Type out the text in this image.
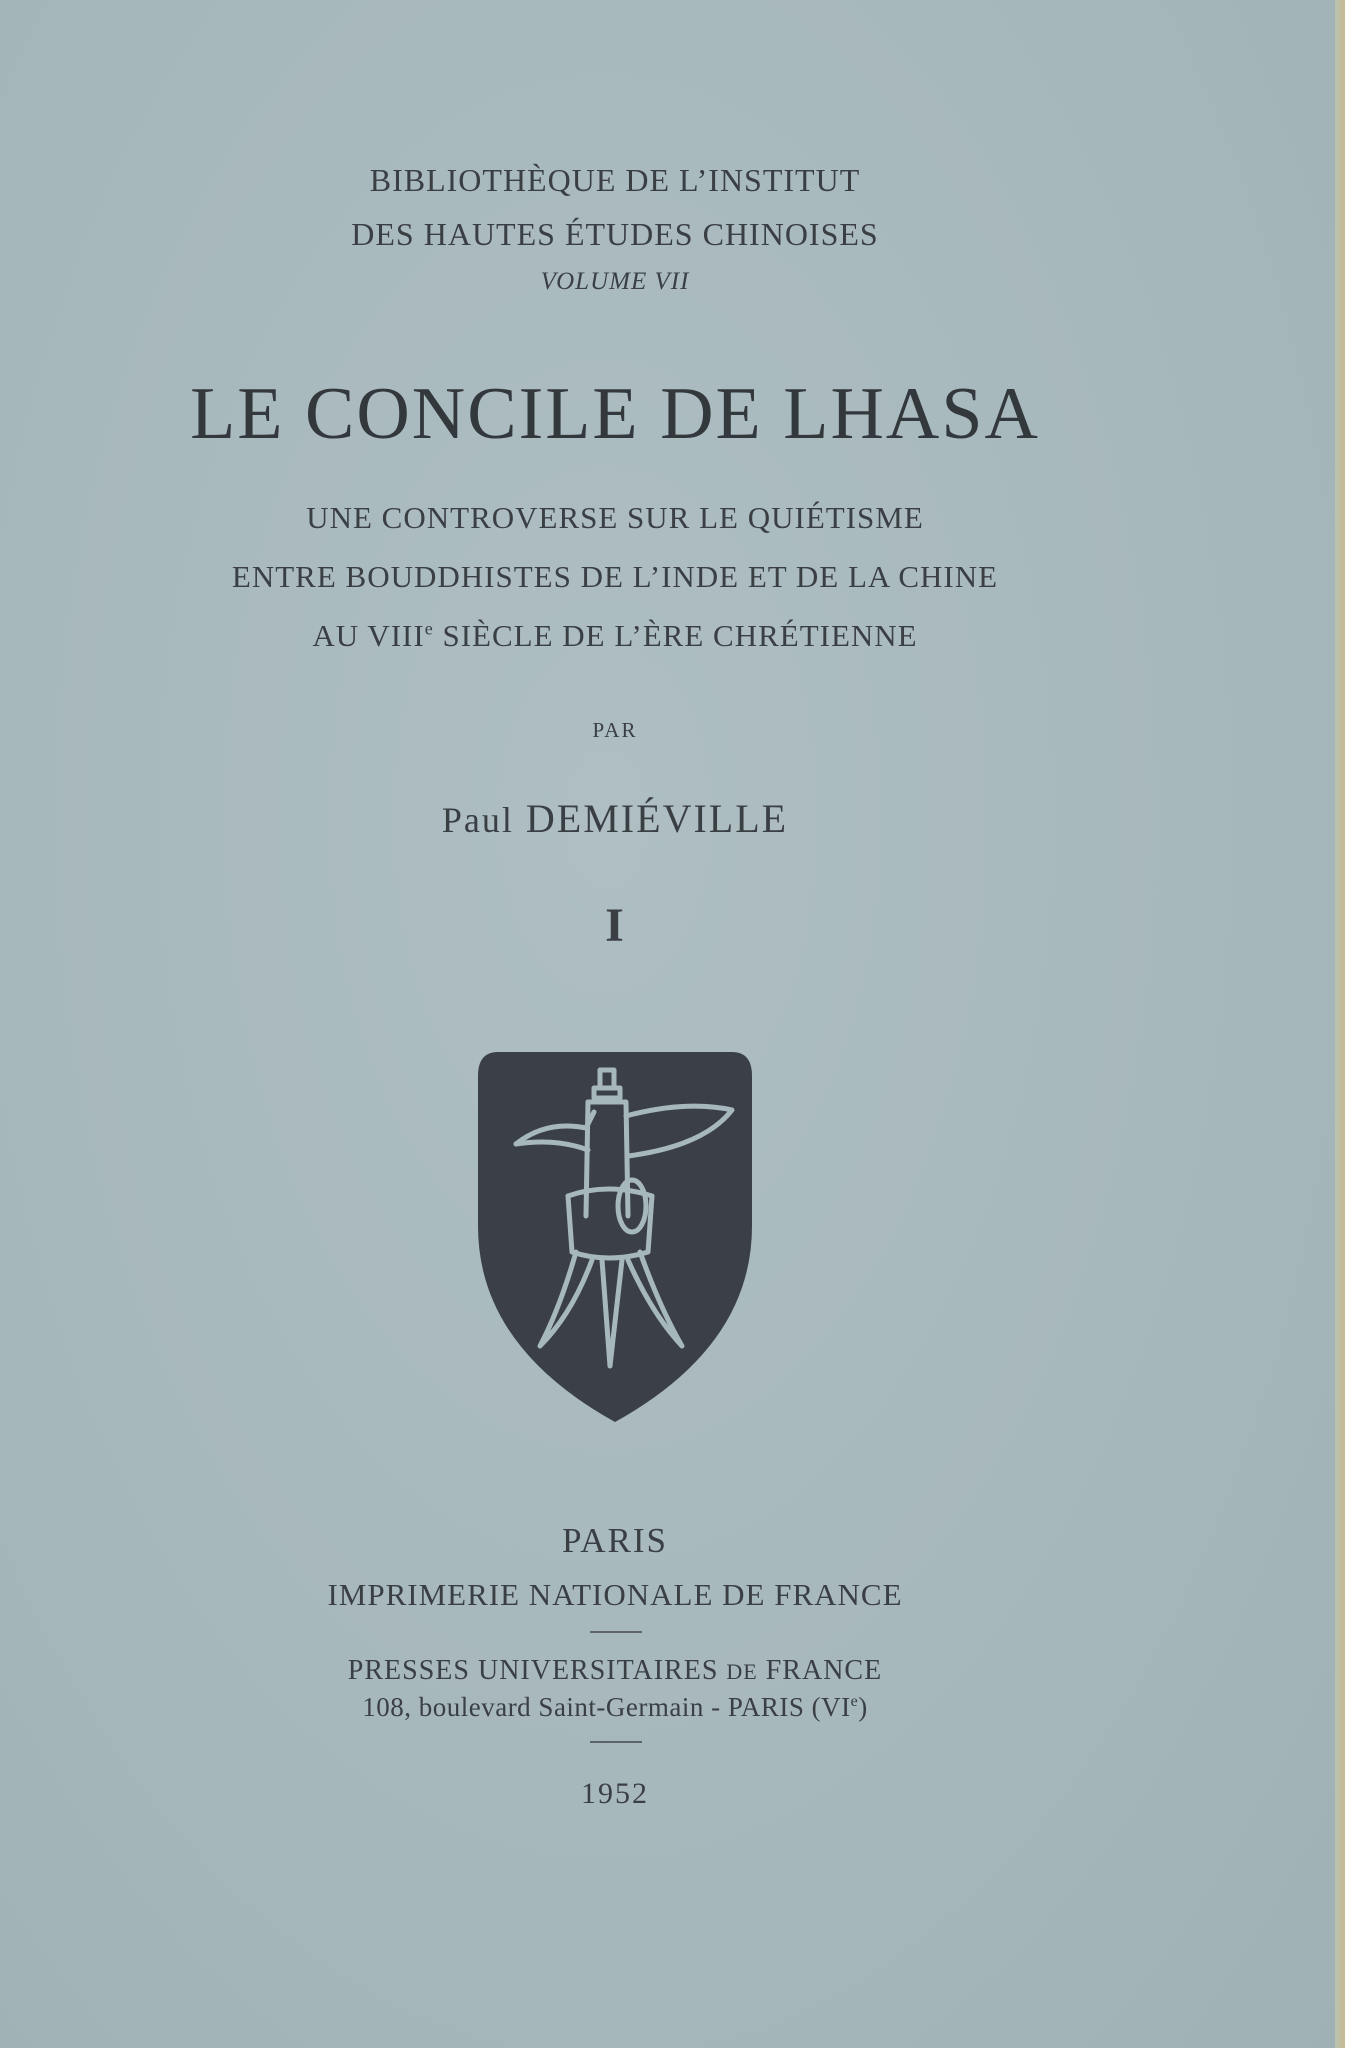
BIBLIOTHÈQUE DE L’INSTITUT
DES HAUTES ÉTUDES CHINOISES
VOLUME VII
LE CONCILE DE LHASA
UNE CONTROVERSE SUR LE QUIÉTISME
ENTRE BOUDDHISTES DE L’INDE ET DE LA CHINE
AU VIIIe SIÈCLE DE L’ÈRE CHRÉTIENNE
PAR
Paul DEMIÉVILLE
I
PARIS
IMPRIMERIE NATIONALE DE FRANCE
PRESSES UNIVERSITAIRES DE FRANCE
108, boulevard Saint-Germain - PARIS (VIe)
1952
